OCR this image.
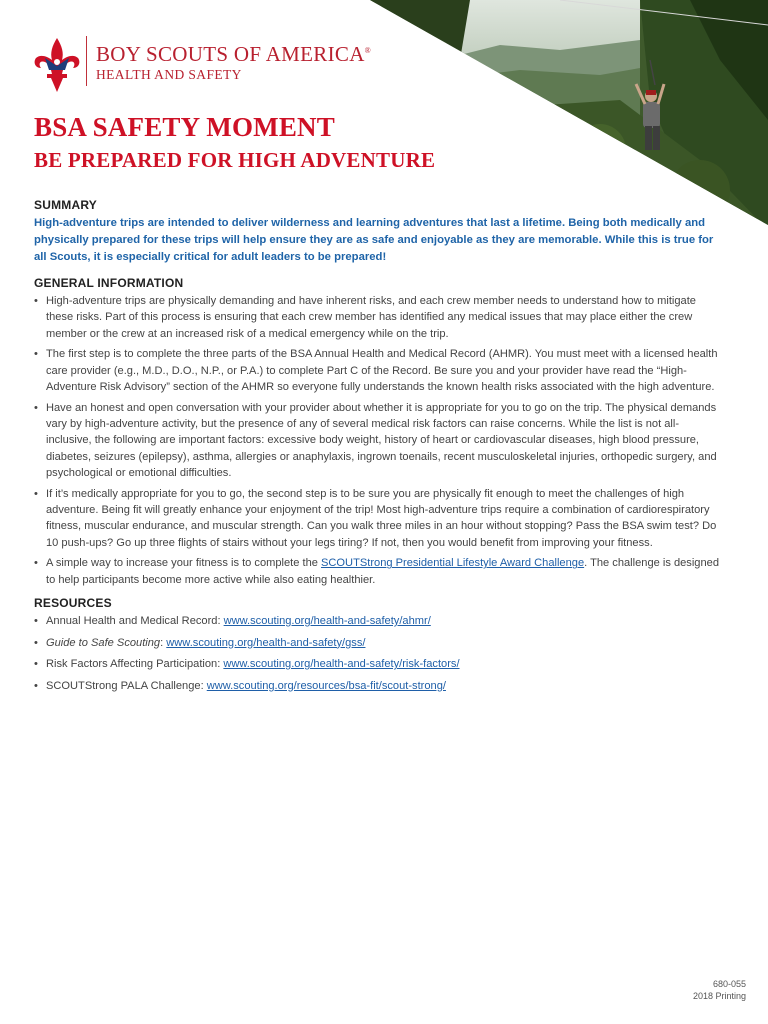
BOY SCOUTS OF AMERICA®

HEALTH AND SAFETY

BSA SAFETY MOMENT
BE PREPARED FOR HIGH ADVENTURE
SUMMARY

High-adventure trips are intended to deliver wilderness and learning adventures that last a lifetime. Being both medically and physically prepared for these trips will help ensure they are as safe and enjoyable as they are memorable. While this is true for all Scouts, it is especially critical for adult leaders to be prepared!

GENERAL INFORMATION
• High-adventure trips are physically demanding and have inherent risks, and each crew member needs to understand how to mitigate these risks. Part of this process is ensuring that each crew member has identified any medical issues that may place either the crew member or the crew at an increased risk of a medical emergency while on the trip.
• The first step is to complete the three parts of the BSA Annual Health and Medical Record (AHMR). You must meet with a licensed health care provider (e.g., M.D., D.O., N.P., or P.A.) to complete Part C of the Record. Be sure you and your provider have read the “High-Adventure Risk Advisory” section of the AHMR so everyone fully understands the known health risks associated with the high adventure.
• Have an honest and open conversation with your provider about whether it is appropriate for you to go on the trip. The physical demands vary by high-adventure activity, but the presence of any of several medical risk factors can raise concerns. While the list is not all-inclusive, the following are important factors: excessive body weight, history of heart or cardiovascular diseases, high blood pressure, diabetes, seizures (epilepsy), asthma, allergies or anaphylaxis, ingrown toenails, recent musculoskeletal injuries, orthopedic surgery, and psychological or emotional difficulties.
• If it’s medically appropriate for you to go, the second step is to be sure you are physically fit enough to meet the challenges of high adventure. Being fit will greatly enhance your enjoyment of the trip! Most high-adventure trips require a combination of cardiorespiratory fitness, muscular endurance, and muscular strength. Can you walk three miles in an hour without stopping? Pass the BSA swim test? Do 10 push-ups? Go up three flights of stairs without your legs tiring? If not, then you would benefit from improving your fitness.
• A simple way to increase your fitness is to complete the SCOUTStrong Presidential Lifestyle Award Challenge. The challenge is designed to help participants become more active while also eating healthier.
RESOURCES
• Annual Health and Medical Record: www.scouting.org/health-and-safety/ahmr/
• Guide to Safe Scouting: www.scouting.org/health-and-safety/gss/
• Risk Factors Affecting Participation: www.scouting.org/health-and-safety/risk-factors/
• SCOUTStrong PALA Challenge: www.scouting.org/resources/bsa-fit/scout-strong/
680-055
2018 Printing
